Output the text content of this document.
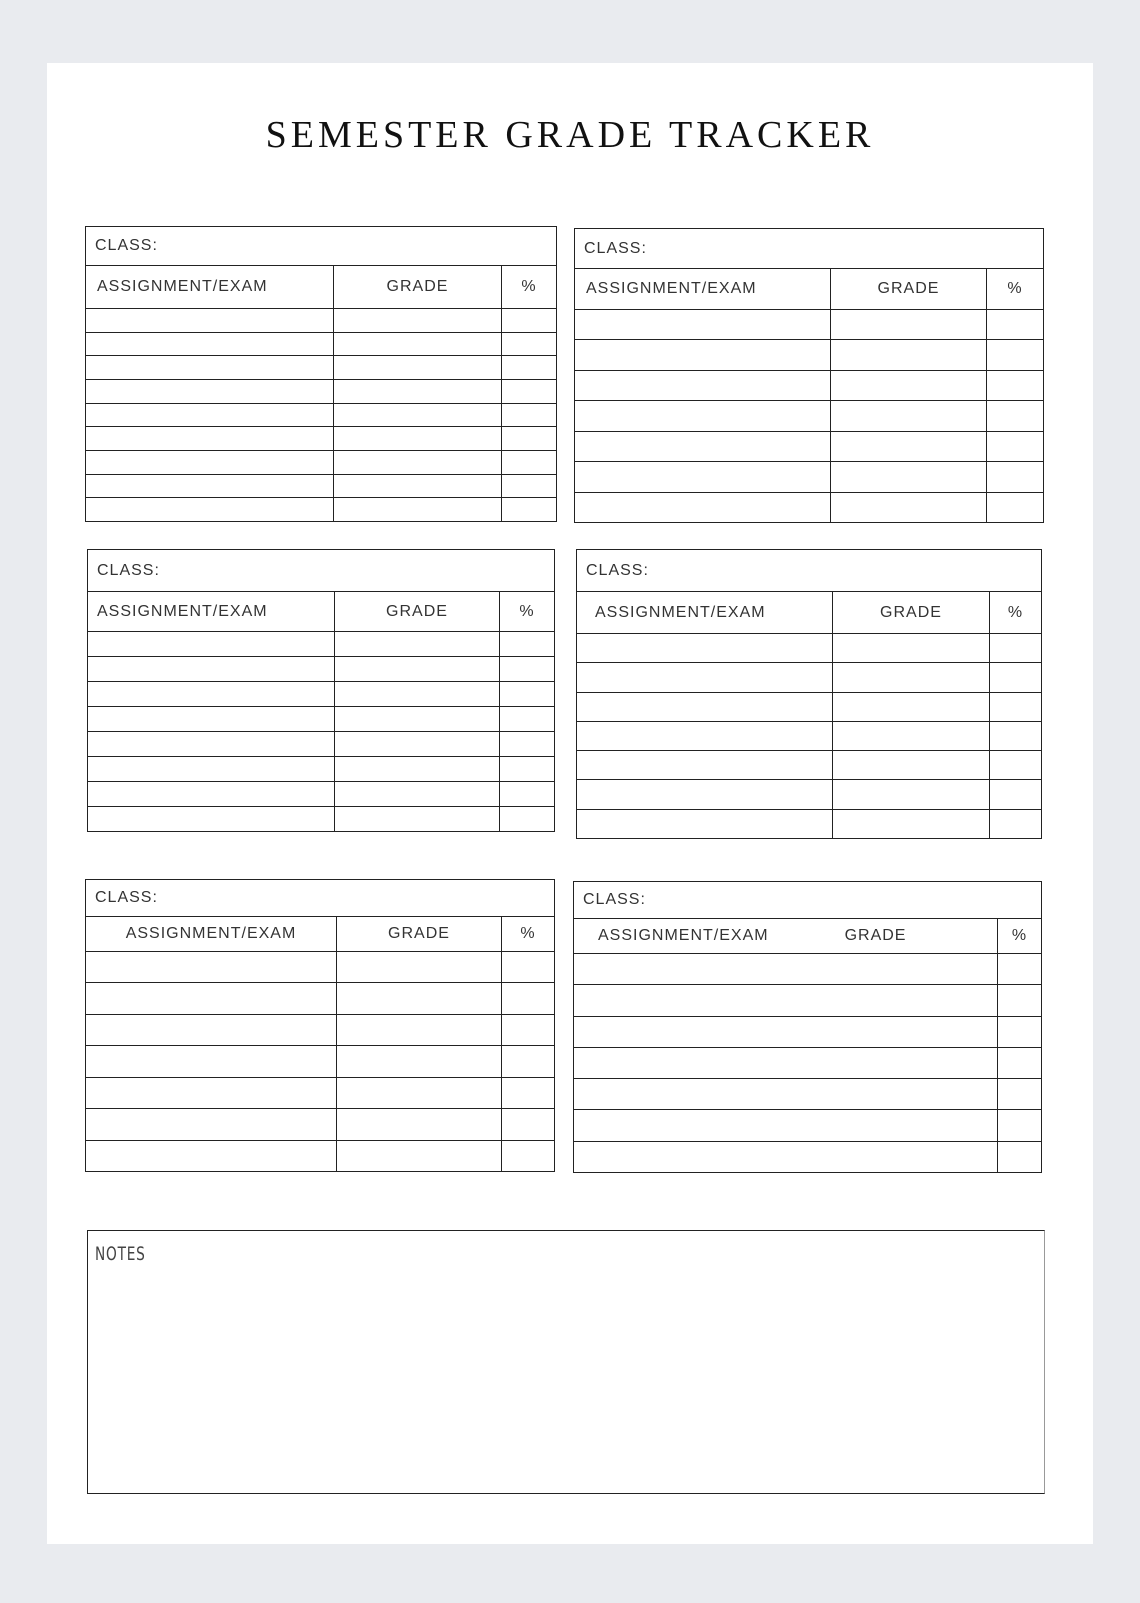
SEMESTER GRADE TRACKER
CLASS:
ASSIGNMENT/EXAM	GRADE	%
CLASS:
ASSIGNMENT/EXAM	GRADE	%
CLASS:
ASSIGNMENT/EXAM	GRADE	%
CLASS:
ASSIGNMENT/EXAM	GRADE	%
CLASS:
ASSIGNMENT/EXAM	GRADE	%
CLASS:
ASSIGNMENT/EXAM	GRADE	%
NOTES
